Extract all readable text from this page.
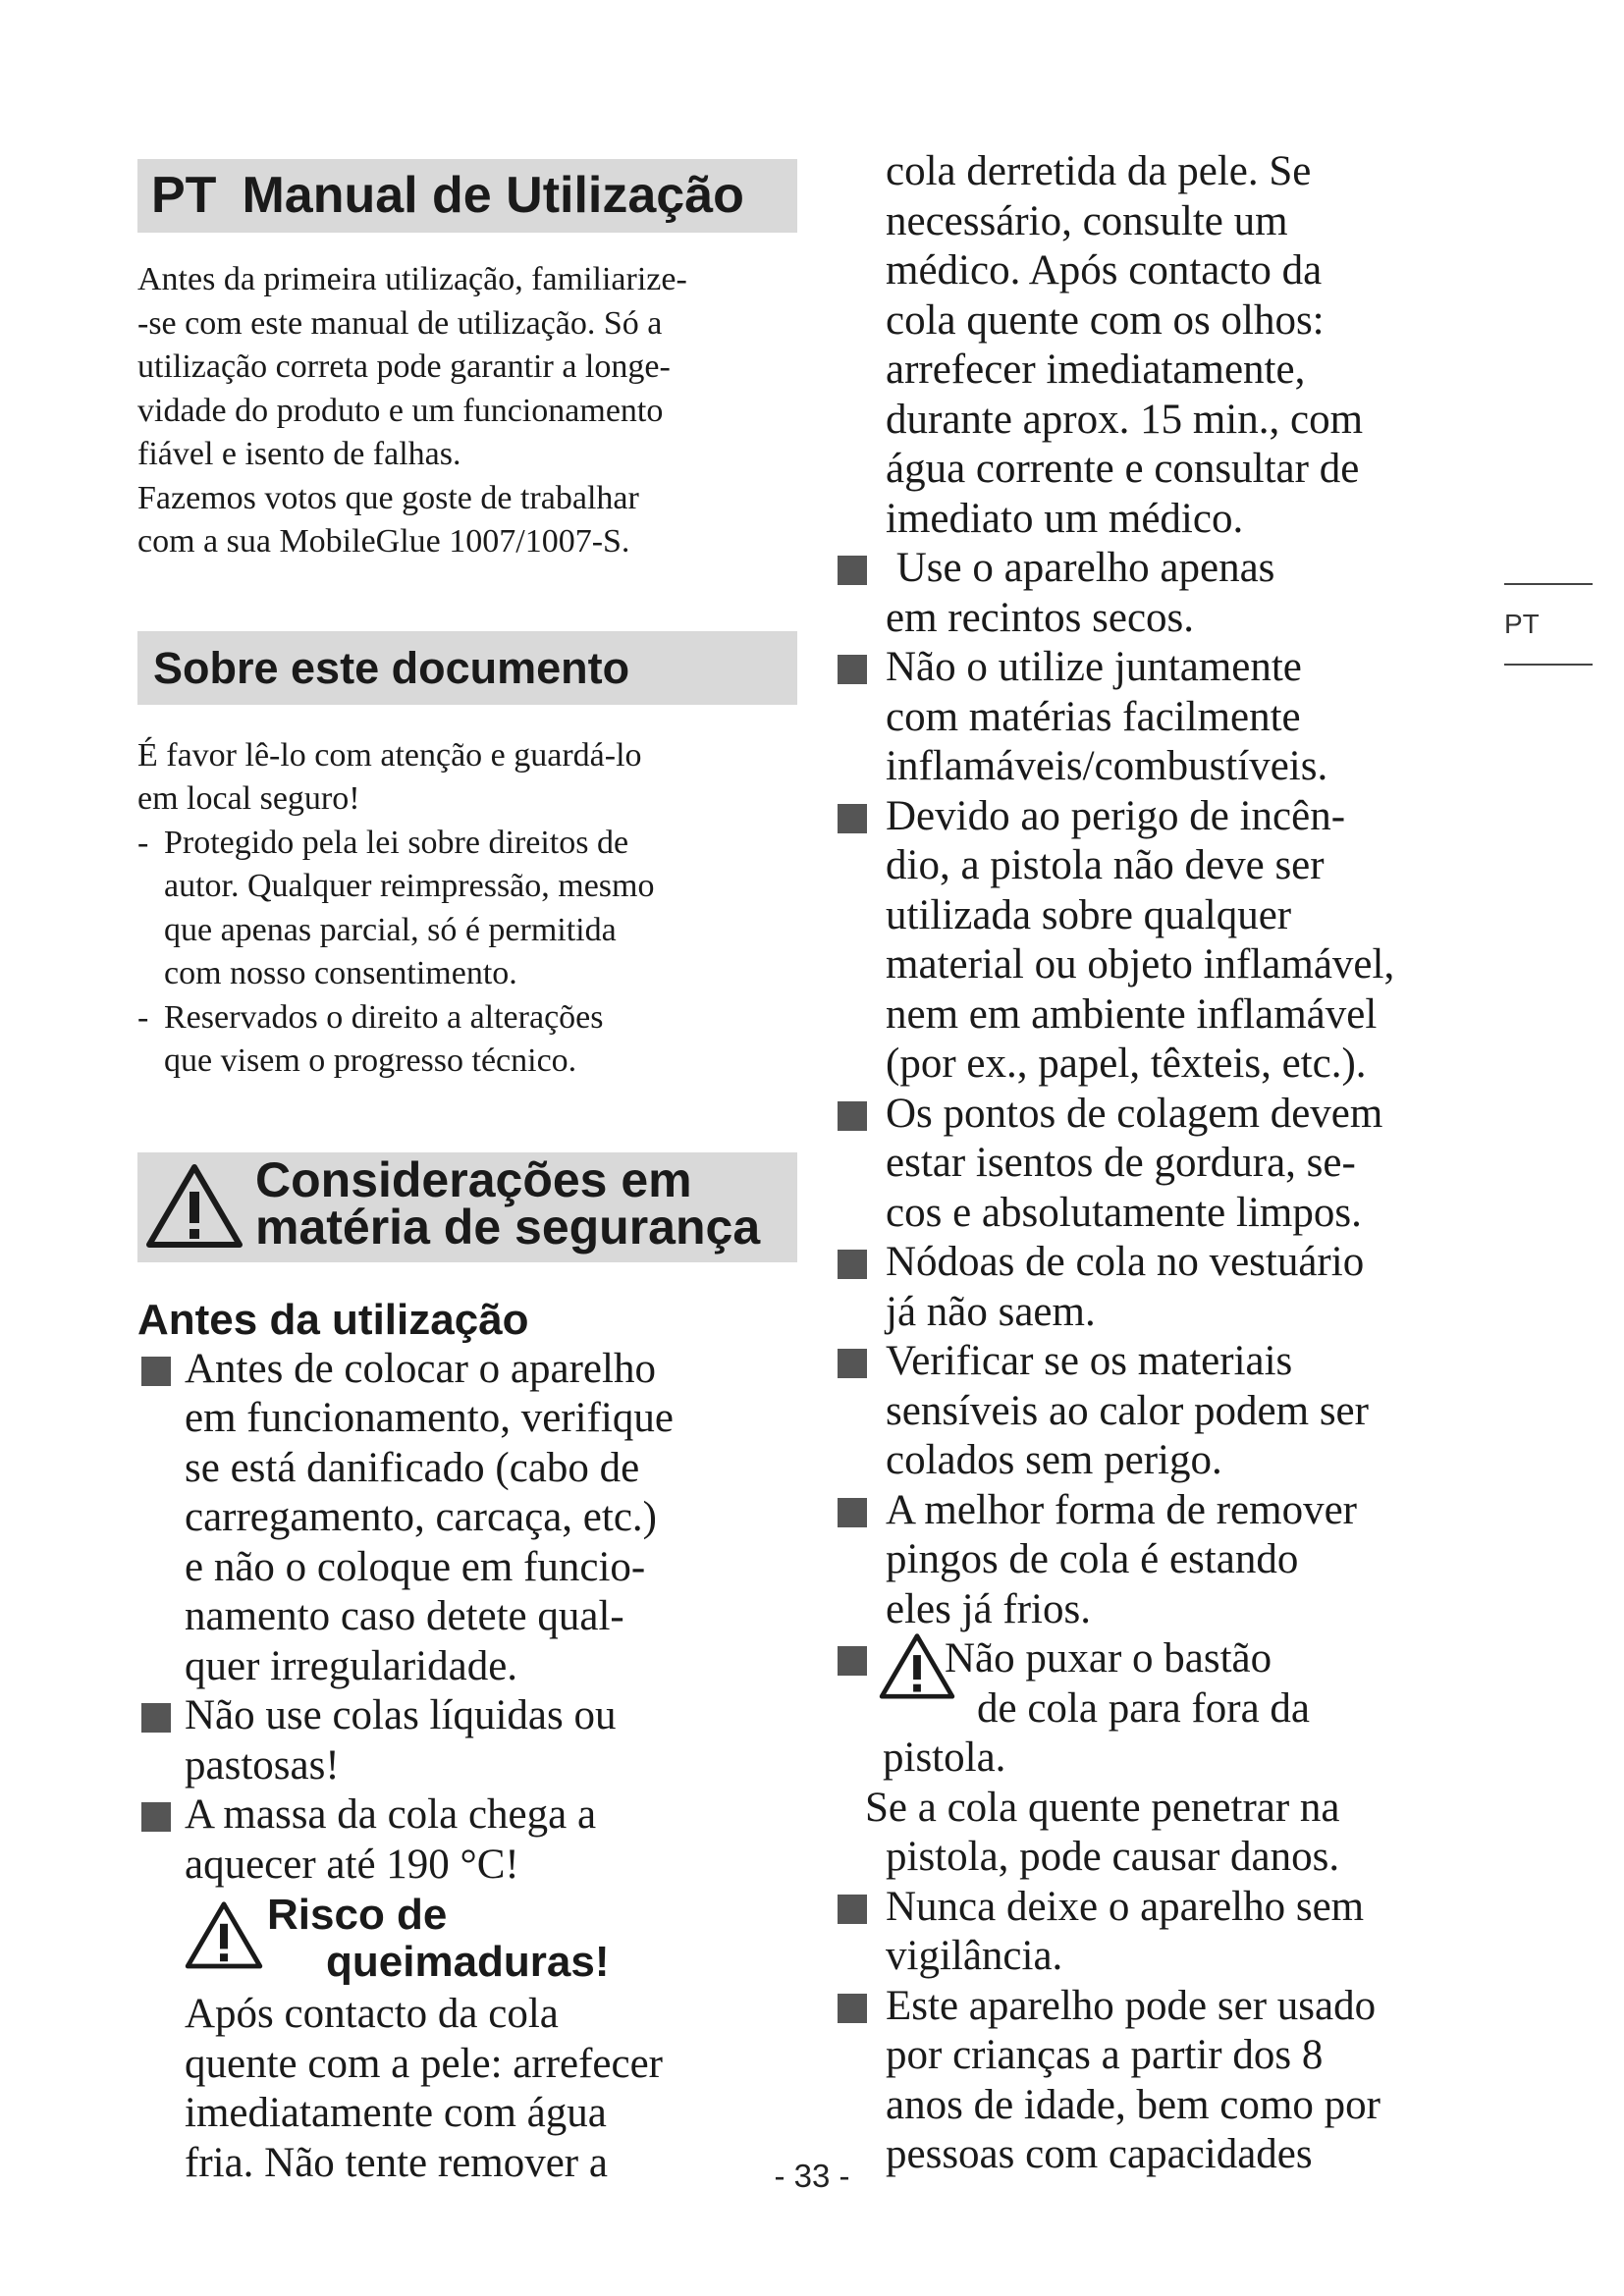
PT Manual de Utilização

Antes da primeira utilização, familiarize-

-se com este manual de utilização. Só a

utilização correta pode garantir a longe-

vidade do produto e um funcionamento

fiável e isento de falhas.

Fazemos votos que goste de trabalhar

com a sua MobileGlue 1007/1007-S.

Sobre este documento

É favor lê-lo com atenção e guardá-lo

em local seguro!

- Protegido pela lei sobre direitos de
autor. Qualquer reimpressão, mesmo
que apenas parcial, só é permitida
com nosso consentimento.
- Reservados o direito a alterações
que visem o progresso técnico.
Considerações em
matéria de segurança
Antes da utilização
Antes de colocar o aparelho
em funcionamento, verifique
se está danificado (cabo de
carregamento, carcaça, etc.)
e não o coloque em funcio-
namento caso detete qual-
quer irregularidade.
Não use colas líquidas ou
pastosas!
A massa da cola chega a
aquecer até 190 °C!
Risco de
queimaduras!
Após contacto da cola
quente com a pele: arrefecer
imediatamente com água
fria. Não tente remover a
cola derretida da pele. Se
necessário, consulte um
médico. Após contacto da
cola quente com os olhos:
arrefecer imediatamente,
durante aprox. 15 min., com
água corrente e consultar de
imediato um médico.
Use o aparelho apenas
em recintos secos.
Não o utilize juntamente
com matérias facilmente
inflamáveis/combustíveis.
Devido ao perigo de incên-
dio, a pistola não deve ser
utilizada sobre qualquer
material ou objeto inflamável,
nem em ambiente inflamável
(por ex., papel, têxteis, etc.).
Os pontos de colagem devem
estar isentos de gordura, se-
cos e absolutamente limpos.
Nódoas de cola no vestuário
já não saem.
Verificar se os materiais
sensíveis ao calor podem ser
colados sem perigo.
A melhor forma de remover
pingos de cola é estando
eles já frios.
Não puxar o bastão
de cola para fora da
pistola.

Se a cola quente penetrar na

pistola, pode causar danos.

Nunca deixe o aparelho sem
vigilância.
Este aparelho pode ser usado
por crianças a partir dos 8
anos de idade, bem como por
pessoas com capacidades
PT
- 33 -
